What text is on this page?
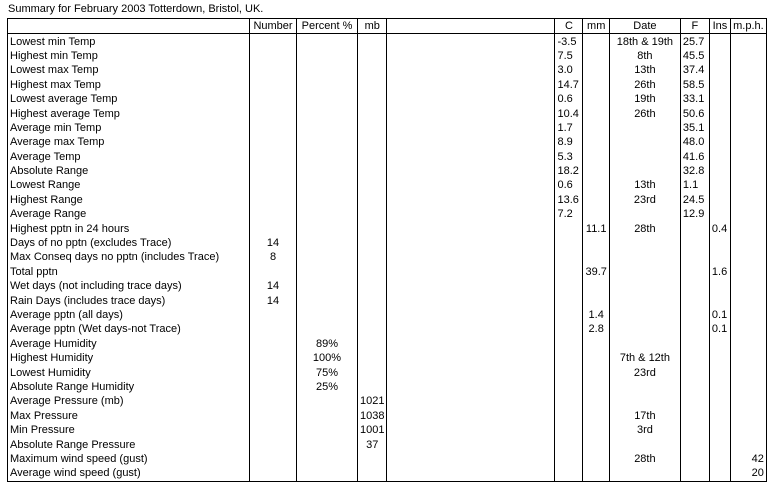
Summary for February 2003 Totterdown, Bristol, UK.
	Number	Percent %	mb		C	mm	Date	F	Ins	m.p.h.
Lowest min Temp					-3.5		18th & 19th	25.7		
Highest min Temp					7.5		8th	45.5		
Lowest max Temp					3.0		13th	37.4		
Highest max Temp					14.7		26th	58.5		
Lowest average Temp					0.6		19th	33.1		
Highest average Temp					10.4		26th	50.6		
Average min Temp					1.7			35.1		
Average max Temp					8.9			48.0		
Average Temp					5.3			41.6		
Absolute Range					18.2			32.8		
Lowest Range					0.6		13th	1.1		
Highest Range					13.6		23rd	24.5		
Average Range					7.2			12.9		
Highest pptn in 24 hours						11.1	28th		0.4	
Days of no pptn (excludes Trace)	14									
Max Conseq days no pptn (includes Trace)	8									
Total pptn						39.7			1.6	
Wet days (not including trace days)	14									
Rain Days (includes trace days)	14									
Average pptn (all days)						1.4			0.1	
Average pptn (Wet days-not Trace)						2.8			0.1	
Average Humidity		89%								
Highest Humidity		100%					7th & 12th			
Lowest Humidity		75%					23rd			
Absolute Range Humidity		25%								
Average Pressure (mb)			1021							
Max Pressure			1038				17th			
Min Pressure			1001				3rd			
Absolute Range Pressure			37							
Maximum wind speed (gust)							28th			42
Average wind speed (gust)										20
